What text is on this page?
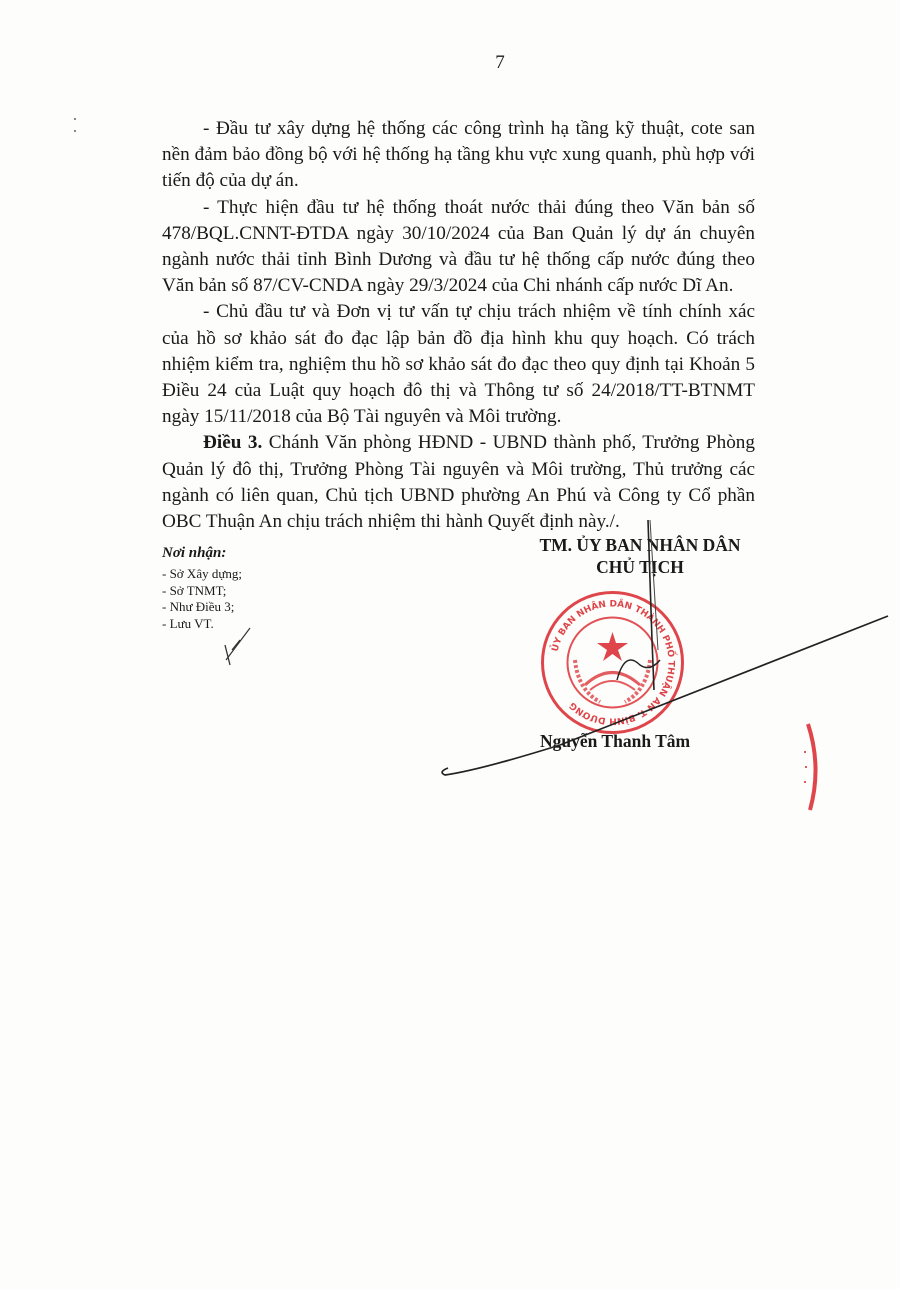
7

- Đầu tư xây dựng hệ thống các công trình hạ tầng kỹ thuật, cote san nền đảm bảo đồng bộ với hệ thống hạ tầng khu vực xung quanh, phù hợp với tiến độ của dự án.

- Thực hiện đầu tư hệ thống thoát nước thải đúng theo Văn bản số 478/BQL.CNNT-ĐTDA ngày 30/10/2024 của Ban Quản lý dự án chuyên ngành nước thải tỉnh Bình Dương và đầu tư hệ thống cấp nước đúng theo Văn bản số 87/CV-CNDA ngày 29/3/2024 của Chi nhánh cấp nước Dĩ An.

- Chủ đầu tư và Đơn vị tư vấn tự chịu trách nhiệm về tính chính xác của hồ sơ khảo sát đo đạc lập bản đồ địa hình khu quy hoạch. Có trách nhiệm kiểm tra, nghiệm thu hồ sơ khảo sát đo đạc theo quy định tại Khoản 5 Điều 24 của Luật quy hoạch đô thị và Thông tư số 24/2018/TT-BTNMT ngày 15/11/2018 của Bộ Tài nguyên và Môi trường.

Điều 3. Chánh Văn phòng HĐND - UBND thành phố, Trưởng Phòng Quản lý đô thị, Trưởng Phòng Tài nguyên và Môi trường, Thủ trưởng các ngành có liên quan, Chủ tịch UBND phường An Phú và Công ty Cổ phần OBC Thuận An chịu trách nhiệm thi hành Quyết định này./.

Nơi nhận:
- Sở Xây dựng;
- Sở TNMT;
- Như Điều 3;
- Lưu VT.
TM. ỦY BAN NHÂN DÂN
CHỦ TỊCH
ỦY BAN NHÂN DÂN THÀNH PHỐ THUẬN AN T. BÌNH DƯƠNG
Nguyễn Thanh Tâm
